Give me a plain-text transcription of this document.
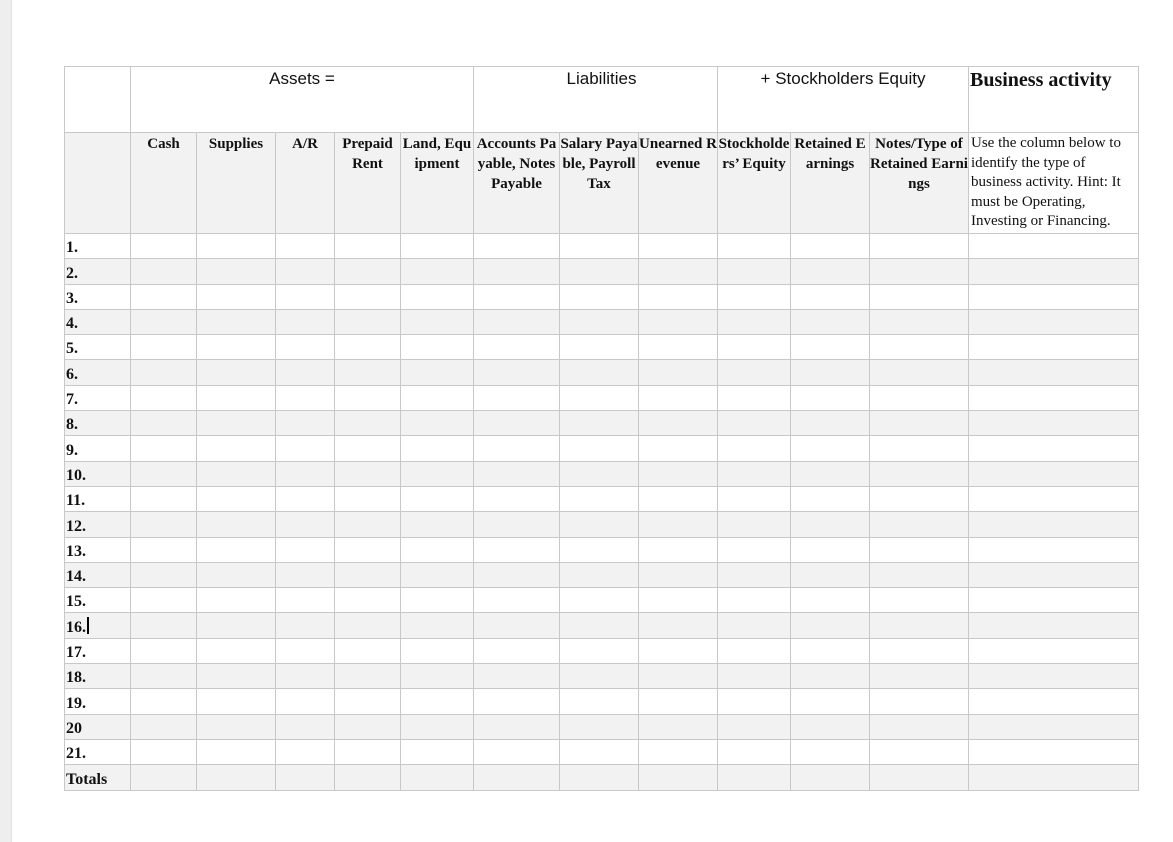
	Assets =					Liabilities			+ Stockholders Equity			Business activity
	Cash	Supplies	A/R	Prepaid Rent	Land, Equipment	Accounts Payable, Notes Payable	Salary Payable, Payroll Tax	Unearned Revenue	Stockholders’ Equity	Retained Earnings	Notes/Type of Retained Earnings	Use the column below to identify the type of business activity. Hint: It must be Operating, Investing or Financing.
1.												
2.												
3.												
4.												
5.												
6.												
7.												
8.												
9.												
10.												
11.												
12.												
13.												
14.												
15.												
16.												
17.												
18.												
19.												
20												
21.												
Totals												
